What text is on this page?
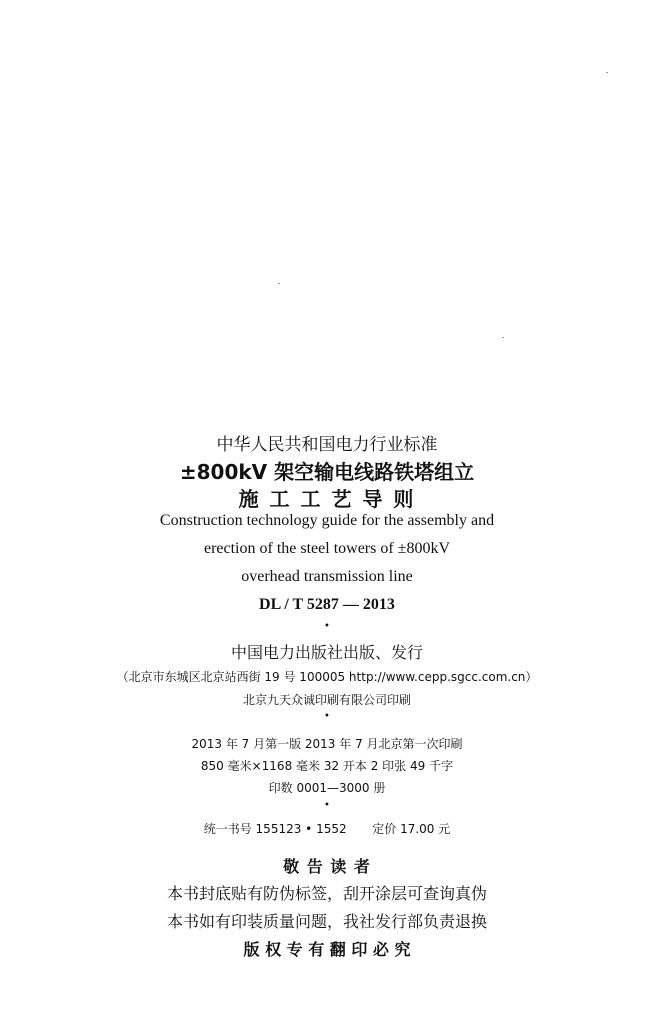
中华人民共和国电力行业标准
±800kV 架空输电线路铁塔组立
施 工 工 艺 导 则
Construction technology guide for the assembly and
erection of the steel towers of ±800kV
overhead transmission line
DL / T 5287 — 2013
•
中国电力出版社出版、发行
（北京市东城区北京站西街 19 号 100005 http://www.cepp.sgcc.com.cn）
北京九天众诚印刷有限公司印刷
•
2013 年 7 月第一版 2013 年 7 月北京第一次印刷
850 毫米×1168 毫米 32 开本 2 印张 49 千字
印数 0001—3000 册
•
统一书号 155123 • 1552 定价 17.00 元
敬 告 读 者
本书封底贴有防伪标签，刮开涂层可查询真伪
本书如有印装质量问题，我社发行部负责退换
版 权 专 有 翻 印 必 究
